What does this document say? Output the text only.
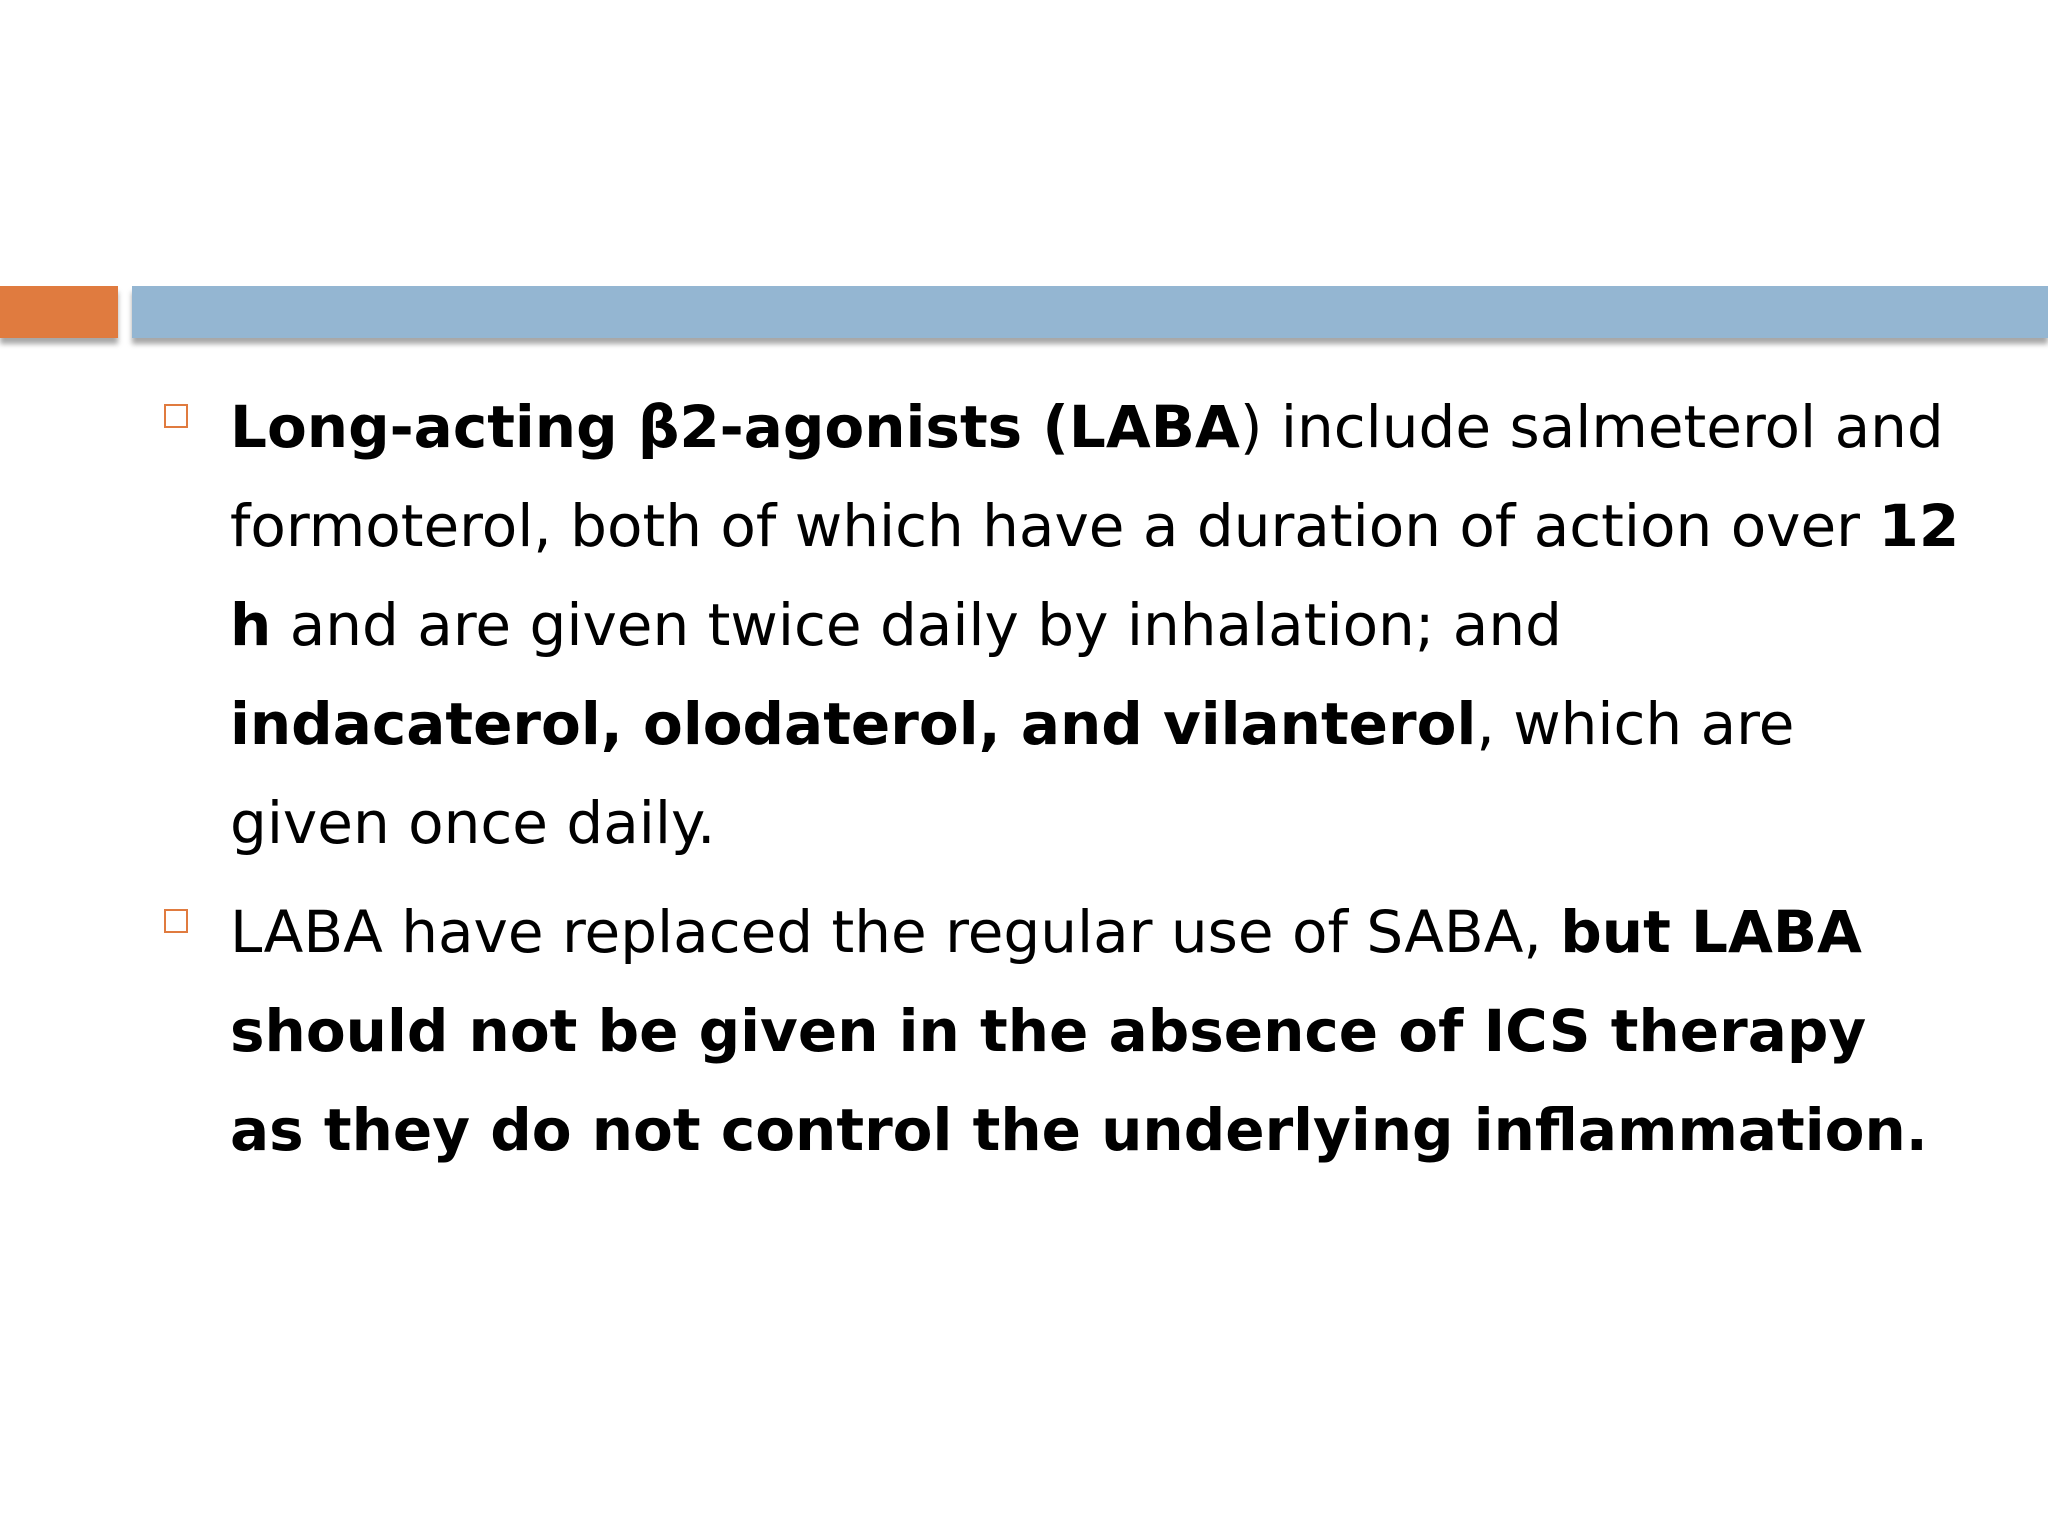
Long-acting β2-agonists (LABA) include salmeterol and formoterol, both of which have a duration of action over 12 h and are given twice daily by inhalation; and indacaterol, olodaterol, and vilanterol, which are given once daily.
LABA have replaced the regular use of SABA, but LABA should not be given in the absence of ICS therapy as they do not control the underlying inflammation.
